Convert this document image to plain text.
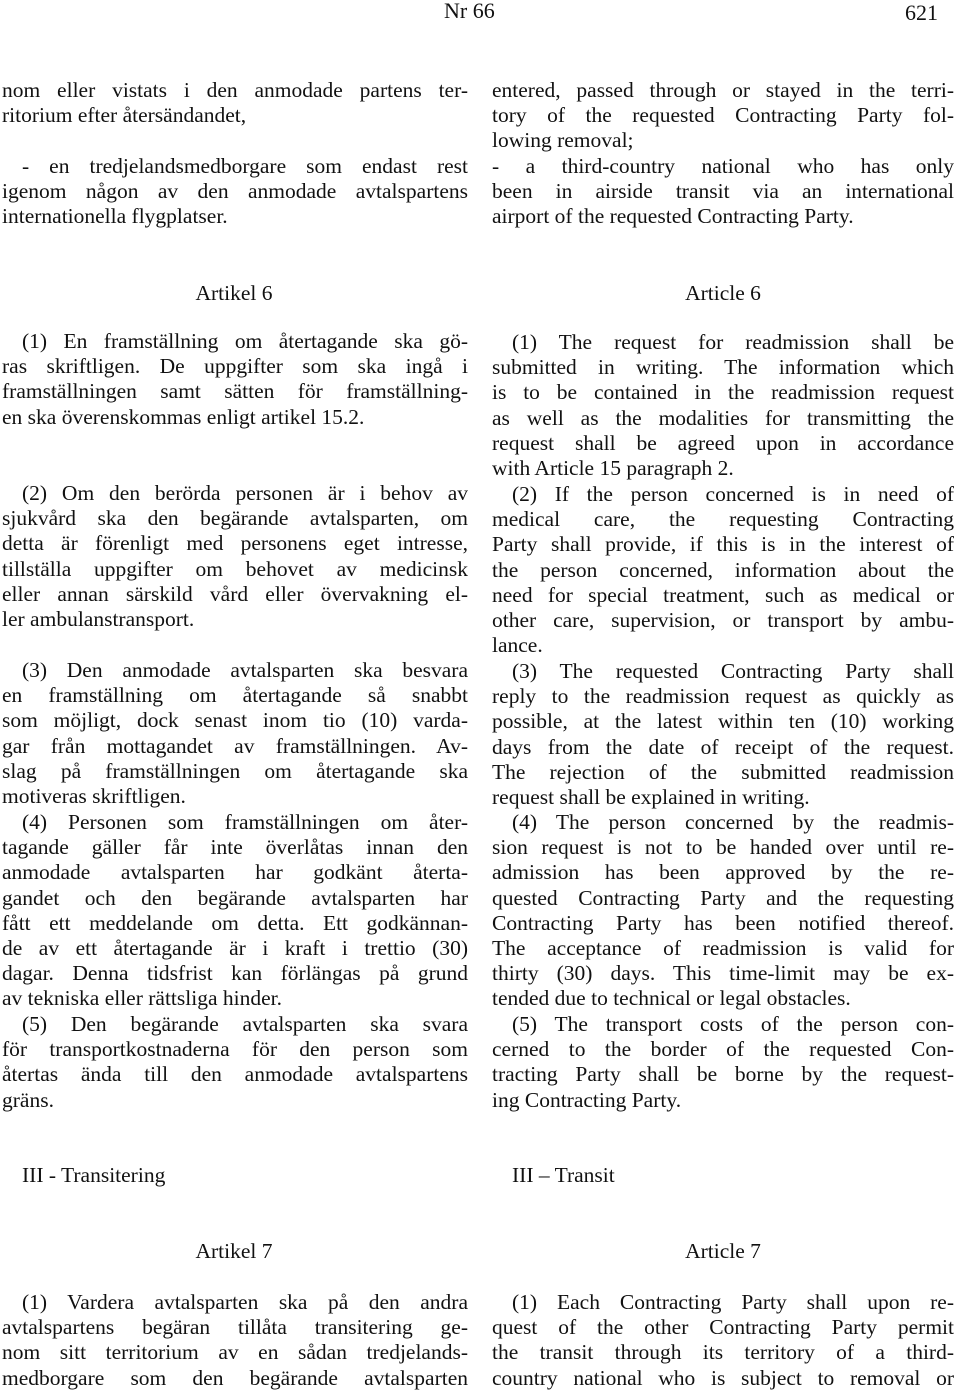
Nr 66	621
nom eller vistats i den anmodade partens ter-
ritorium efter återsändandet,
- en tredjelandsmedborgare som endast rest
igenom någon av den anmodade avtalspartens
internationella flygplatser.
Artikel 6
(1) En framställning om återtagande ska gö-
ras skriftligen. De uppgifter som ska ingå i
framställningen samt sätten för framställning-
en ska överenskommas enligt artikel 15.2.
(2) Om den berörda personen är i behov av
sjukvård ska den begärande avtalsparten, om
detta är förenligt med personens eget intresse,
tillställa uppgifter om behovet av medicinsk
eller annan särskild vård eller övervakning el-
ler ambulanstransport.
(3) Den anmodade avtalsparten ska besvara
en framställning om återtagande så snabbt
som möjligt, dock senast inom tio (10) varda-
gar från mottagandet av framställningen. Av-
slag på framställningen om återtagande ska
motiveras skriftligen.
(4) Personen som framställningen om åter-
tagande gäller får inte överlåtas innan den
anmodade avtalsparten har godkänt återta-
gandet och den begärande avtalsparten har
fått ett meddelande om detta. Ett godkännan-
de av ett återtagande är i kraft i trettio (30)
dagar. Denna tidsfrist kan förlängas på grund
av tekniska eller rättsliga hinder.
(5) Den begärande avtalsparten ska svara
för transportkostnaderna för den person som
återtas ända till den anmodade avtalspartens
gräns.
III - Transitering
Artikel 7
(1) Vardera avtalsparten ska på den andra
avtalspartens begäran tillåta transitering ge-
nom sitt territorium av en sådan tredjelands-
medborgare som den begärande avtalsparten
entered, passed through or stayed in the terri-
tory of the requested Contracting Party fol-
lowing removal;
- a third-country national who has only
been in airside transit via an international
airport of the requested Contracting Party.
Article 6
(1) The request for readmission shall be
submitted in writing. The information which
is to be contained in the readmission request
as well as the modalities for transmitting the
request shall be agreed upon in accordance
with Article 15 paragraph 2.
(2) If the person concerned is in need of
medical care, the requesting Contracting
Party shall provide, if this is in the interest of
the person concerned, information about the
need for special treatment, such as medical or
other care, supervision, or transport by ambu-
lance.
(3) The requested Contracting Party shall
reply to the readmission request as quickly as
possible, at the latest within ten (10) working
days from the date of receipt of the request.
The rejection of the submitted readmission
request shall be explained in writing.
(4) The person concerned by the readmis-
sion request is not to be handed over until re-
admission has been approved by the re-
quested Contracting Party and the requesting
Contracting Party has been notified thereof.
The acceptance of readmission is valid for
thirty (30) days. This time-limit may be ex-
tended due to technical or legal obstacles.
(5) The transport costs of the person con-
cerned to the border of the requested Con-
tracting Party shall be borne by the request-
ing Contracting Party.
III – Transit
Article 7
(1) Each Contracting Party shall upon re-
quest of the other Contracting Party permit
the transit through its territory of a third-
country national who is subject to removal or
